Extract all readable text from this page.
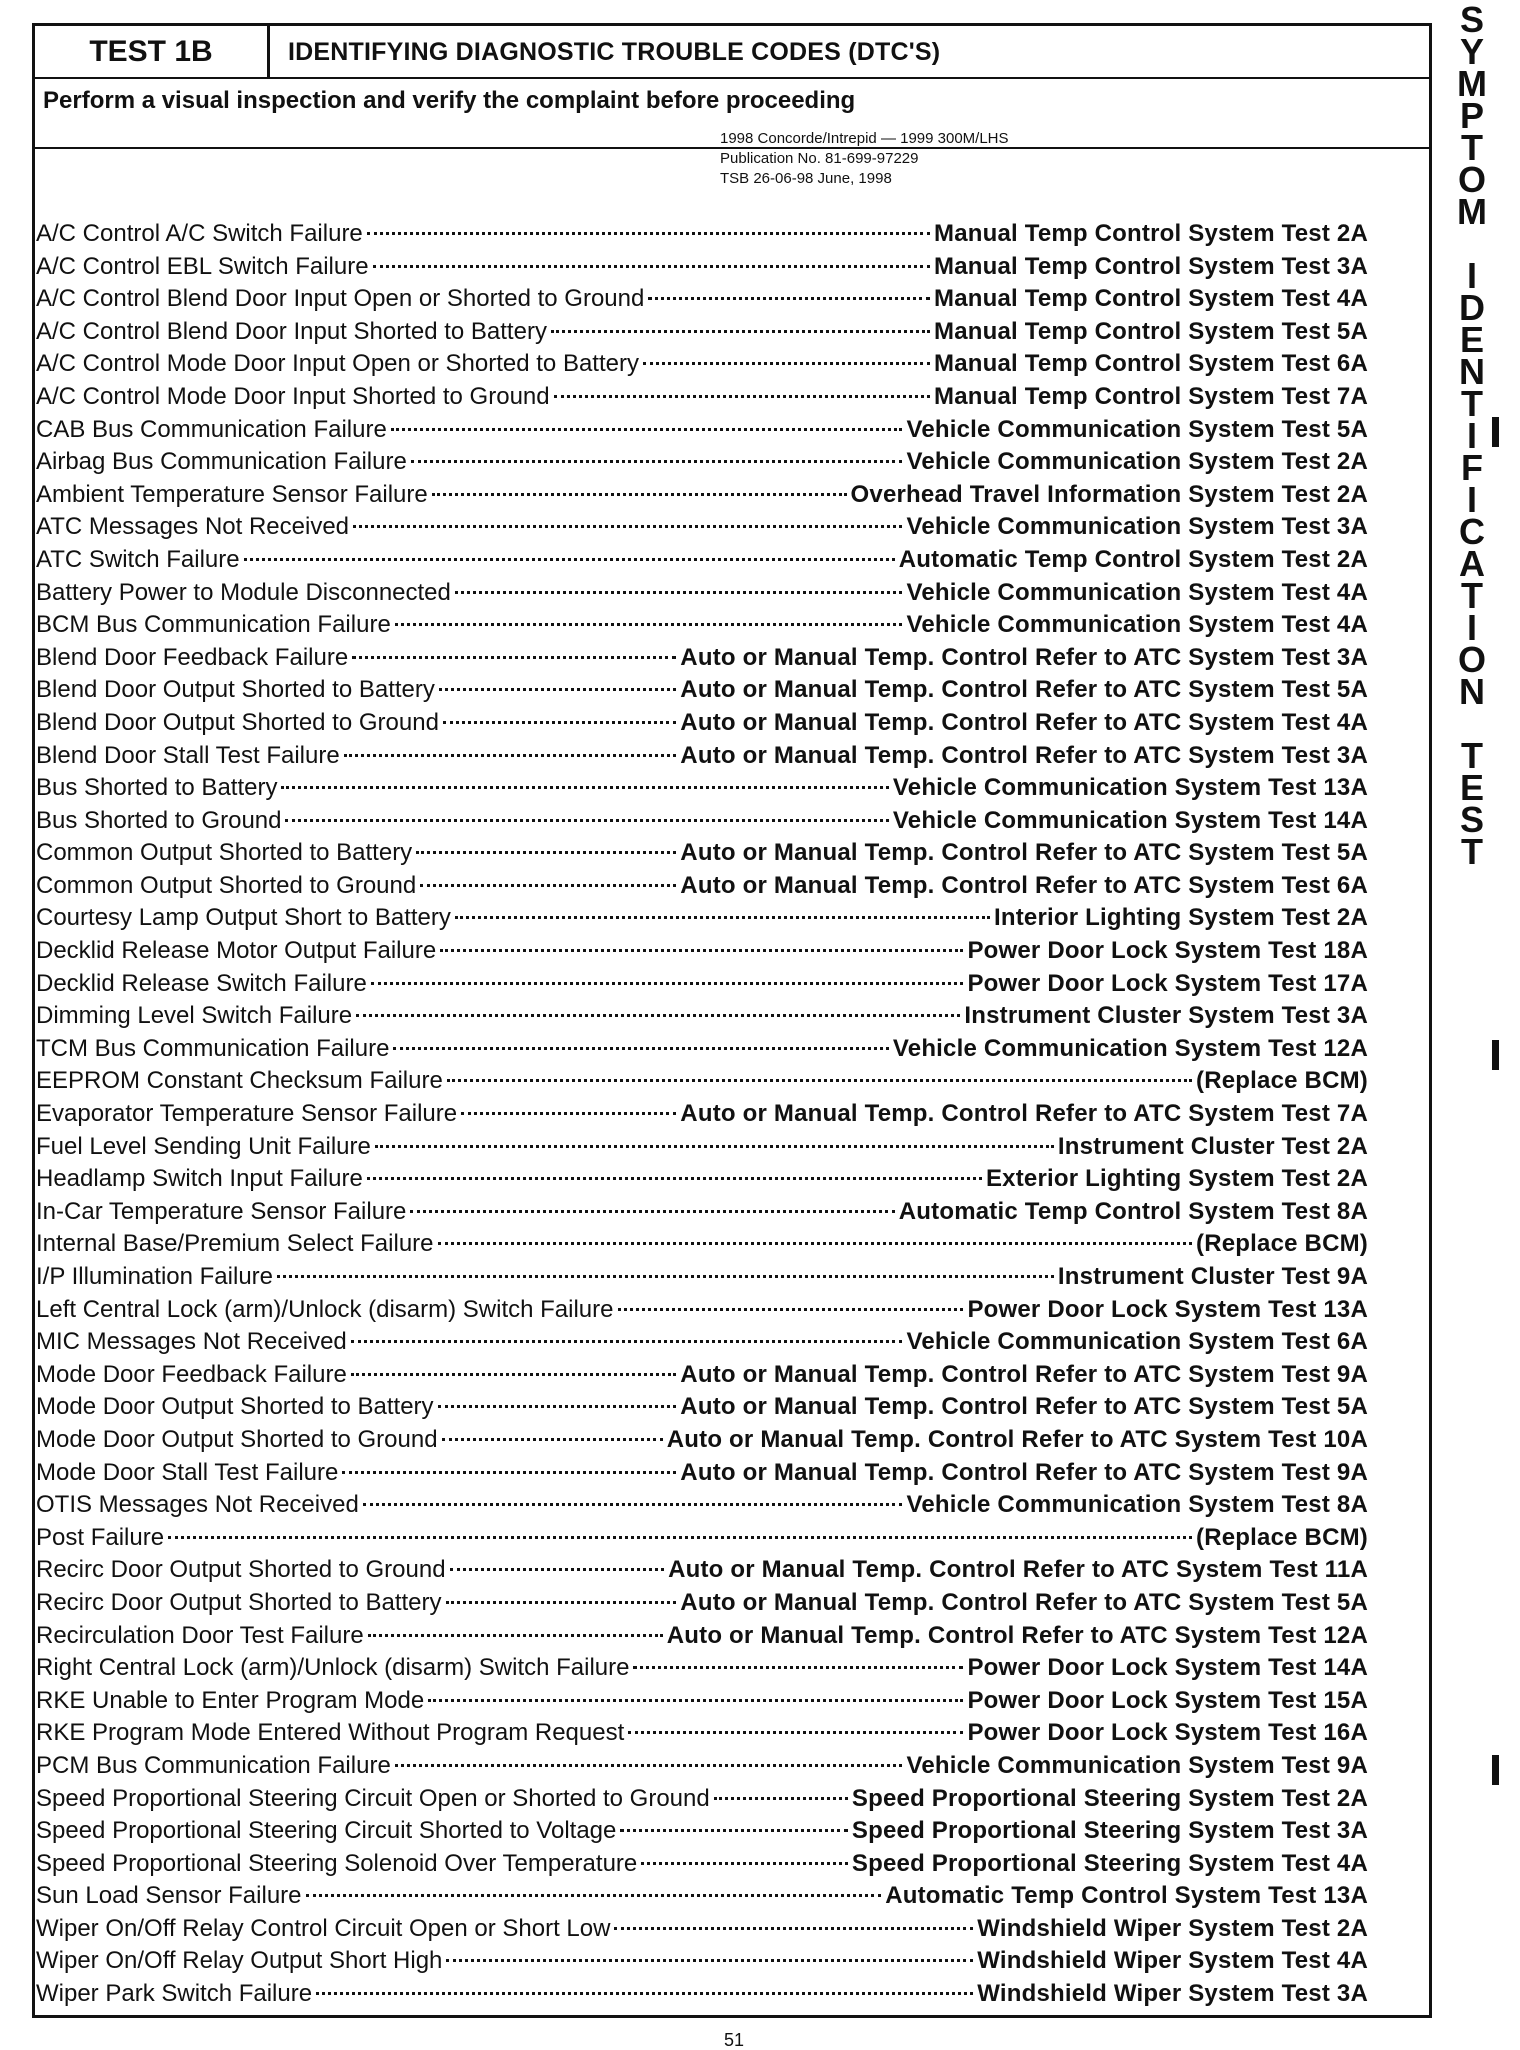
TEST 1B	IDENTIFYING DIAGNOSTIC TROUBLE CODES (DTC'S)
Perform a visual inspection and verify the complaint before proceeding
1998 Concorde/Intrepid — 1999 300M/LHS
Publication No. 81-699-97229
TSB 26-06-98 June, 1998
A/C Control A/C Switch Failure	Manual Temp Control System Test 2A
A/C Control EBL Switch Failure	Manual Temp Control System Test 3A
A/C Control Blend Door Input Open or Shorted to Ground	Manual Temp Control System Test 4A
A/C Control Blend Door Input Shorted to Battery	Manual Temp Control System Test 5A
A/C Control Mode Door Input Open or Shorted to Battery	Manual Temp Control System Test 6A
A/C Control Mode Door Input Shorted to Ground	Manual Temp Control System Test 7A
CAB Bus Communication Failure	Vehicle Communication System Test 5A
Airbag Bus Communication Failure	Vehicle Communication System Test 2A
Ambient Temperature Sensor Failure	Overhead Travel Information System Test 2A
ATC Messages Not Received	Vehicle Communication System Test 3A
ATC Switch Failure	Automatic Temp Control System Test 2A
Battery Power to Module Disconnected	Vehicle Communication System Test 4A
BCM Bus Communication Failure	Vehicle Communication System Test 4A
Blend Door Feedback Failure	Auto or Manual Temp. Control Refer to ATC System Test 3A
Blend Door Output Shorted to Battery	Auto or Manual Temp. Control Refer to ATC System Test 5A
Blend Door Output Shorted to Ground	Auto or Manual Temp. Control Refer to ATC System Test 4A
Blend Door Stall Test Failure	Auto or Manual Temp. Control Refer to ATC System Test 3A
Bus Shorted to Battery	Vehicle Communication System Test 13A
Bus Shorted to Ground	Vehicle Communication System Test 14A
Common Output Shorted to Battery	Auto or Manual Temp. Control Refer to ATC System Test 5A
Common Output Shorted to Ground	Auto or Manual Temp. Control Refer to ATC System Test 6A
Courtesy Lamp Output Short to Battery	Interior Lighting System Test 2A
Decklid Release Motor Output Failure	Power Door Lock System Test 18A
Decklid Release Switch Failure	Power Door Lock System Test 17A
Dimming Level Switch Failure	Instrument Cluster System Test 3A
TCM Bus Communication Failure	Vehicle Communication System Test 12A
EEPROM Constant Checksum Failure	(Replace BCM)
Evaporator Temperature Sensor Failure	Auto or Manual Temp. Control Refer to ATC System Test 7A
Fuel Level Sending Unit Failure	Instrument Cluster Test 2A
Headlamp Switch Input Failure	Exterior Lighting System Test 2A
In-Car Temperature Sensor Failure	Automatic Temp Control System Test 8A
Internal Base/Premium Select Failure	(Replace BCM)
I/P Illumination Failure	Instrument Cluster Test 9A
Left Central Lock (arm)/Unlock (disarm) Switch Failure	Power Door Lock System Test 13A
MIC Messages Not Received	Vehicle Communication System Test 6A
Mode Door Feedback Failure	Auto or Manual Temp. Control Refer to ATC System Test 9A
Mode Door Output Shorted to Battery	Auto or Manual Temp. Control Refer to ATC System Test 5A
Mode Door Output Shorted to Ground	Auto or Manual Temp. Control Refer to ATC System Test 10A
Mode Door Stall Test Failure	Auto or Manual Temp. Control Refer to ATC System Test 9A
OTIS Messages Not Received	Vehicle Communication System Test 8A
Post Failure	(Replace BCM)
Recirc Door Output Shorted to Ground	Auto or Manual Temp. Control Refer to ATC System Test 11A
Recirc Door Output Shorted to Battery	Auto or Manual Temp. Control Refer to ATC System Test 5A
Recirculation Door Test Failure	Auto or Manual Temp. Control Refer to ATC System Test 12A
Right Central Lock (arm)/Unlock (disarm) Switch Failure	Power Door Lock System Test 14A
RKE Unable to Enter Program Mode	Power Door Lock System Test 15A
RKE Program Mode Entered Without Program Request	Power Door Lock System Test 16A
PCM Bus Communication Failure	Vehicle Communication System Test 9A
Speed Proportional Steering Circuit Open or Shorted to Ground	Speed Proportional Steering System Test 2A
Speed Proportional Steering Circuit Shorted to Voltage	Speed Proportional Steering System Test 3A
Speed Proportional Steering Solenoid Over Temperature	Speed Proportional Steering System Test 4A
Sun Load Sensor Failure	Automatic Temp Control System Test 13A
Wiper On/Off Relay Control Circuit Open or Short Low	Windshield Wiper System Test 2A
Wiper On/Off Relay Output Short High	Windshield Wiper System Test 4A
Wiper Park Switch Failure	Windshield Wiper System Test 3A
S
Y
M
P
T
O
M
I
D
E
N
T
I
F
I
C
A
T
I
O
N
T
E
S
T
51
